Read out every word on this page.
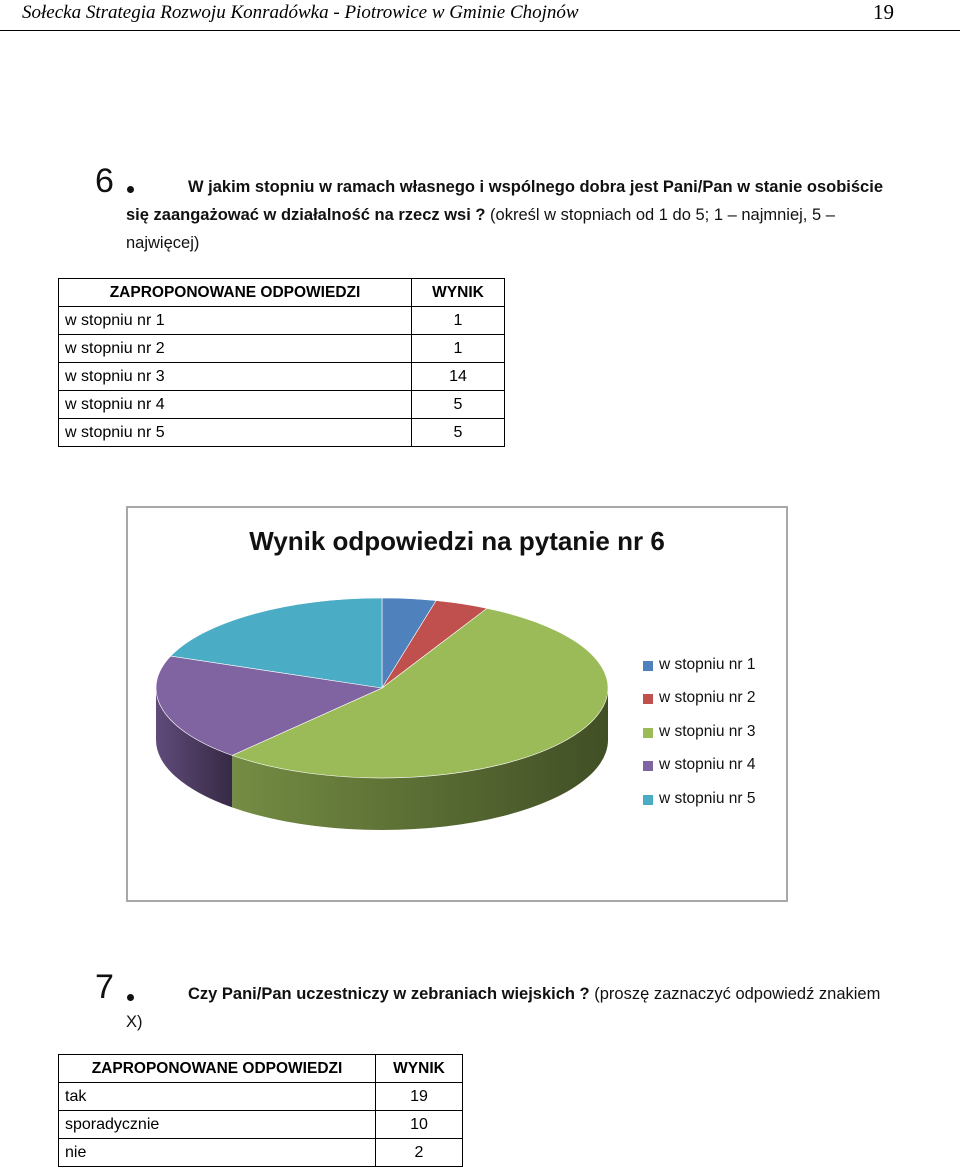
Sołecka Strategia Rozwoju Konradówka - Piotrowice w Gminie Chojnów	19
6	W jakim stopniu w ramach własnego i wspólnego dobra jest Pani/Pan w stanie osobiście się zaangażować w działalność na rzecz wsi ? (określ w stopniach od 1 do 5; 1 – najmniej, 5 – najwięcej)
ZAPROPONOWANE ODPOWIEDZI	WYNIK
w stopniu nr 1	1
w stopniu nr 2	1
w stopniu nr 3	14
w stopniu nr 4	5
w stopniu nr 5	5
Wynik odpowiedzi na pytanie nr 6
w stopniu nr 1
w stopniu nr 2
w stopniu nr 3
w stopniu nr 4
w stopniu nr 5
7	Czy Pani/Pan uczestniczy w zebraniach wiejskich ? (proszę zaznaczyć odpowiedź znakiem X)
ZAPROPONOWANE ODPOWIEDZI	WYNIK
tak	19
sporadycznie	10
nie	2
